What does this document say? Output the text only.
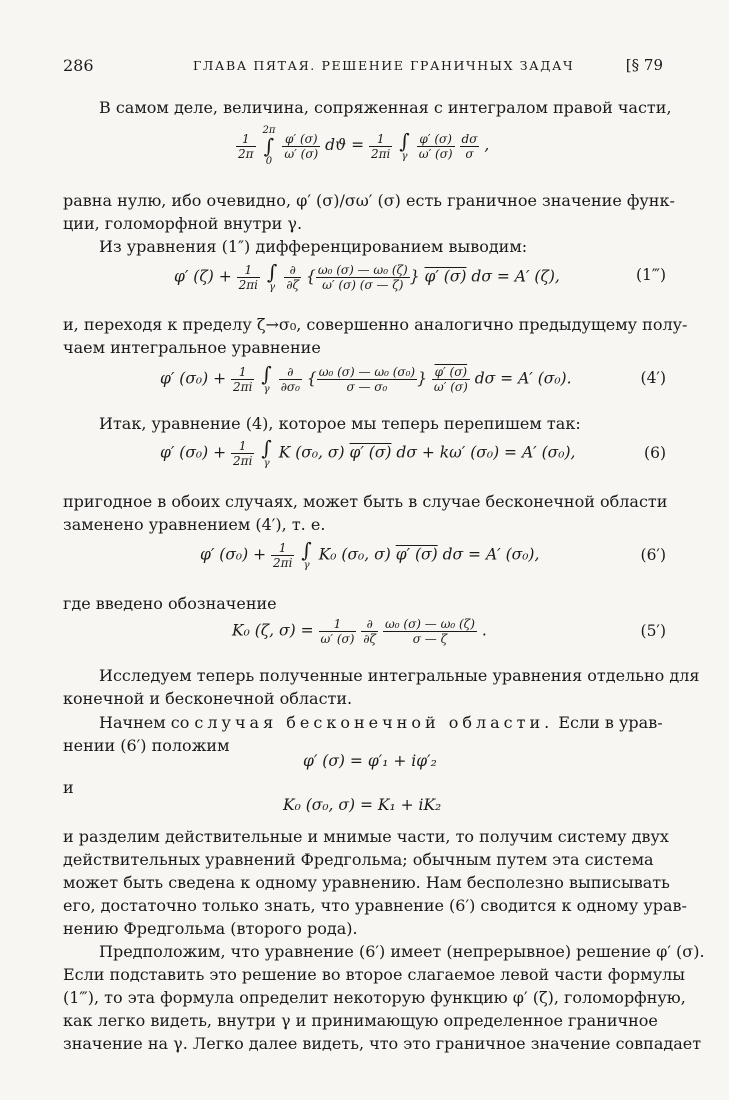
286	ГЛАВА ПЯТАЯ. РЕШЕНИЕ ГРАНИЧНЫХ ЗАДАЧ	[§ 79
В самом деле, величина, сопряженная с интегралом правой части,
$\frac{1}{2\pi}$

2π
∫
0

$\frac{\varphi' (\sigma)}{\omega' (\sigma)}$ $dϑ = \frac{1}{2\pi i}$
∫
γ
$\frac{\varphi' (\sigma)}{\omega' (\sigma)}$
$\frac{d\sigma}{\sigma}$ ,
равна нулю, ибо очевидно, φ′ (σ)/σω′ (σ) есть граничное значение функ-
ции, голоморфной внутри γ.
Из уравнения (1″) дифференцированием выводим:
φ′ $(\zeta) + \frac{1}{2\pi i}$
∫
γ
$\frac{\partial}{\partial\zeta}$ { $\frac{\text{ω₀ (σ) — ω₀ (ζ)}}{\omega' (\sigma) (\sigma — \zeta)}$ } φ′ (σ) dσ = A′ (ζ),	(1‴)
и, переходя к пределу ζ→σ₀, совершенно аналогично предыдущему полу-
чаем интегральное уравнение
φ′ $(\sigma_0) + \frac{1}{2\pi i}$
∫
γ
$\frac{\partial}{\text{∂σ₀}}$ { $\frac{\text{ω₀ (σ) — ω₀ (σ₀)}}{\text{σ — σ₀}}$ } $\frac{\varphi' (\sigma)}{\omega' (\sigma)}$ dσ = A′ (σ₀).	(4′)
Итак, уравнение (4), которое мы теперь перепишем так:
φ′ $(\sigma_0) + \frac{1}{2\pi i}$
∫
γ
K (σ₀, σ) φ′ (σ) dσ + kω′ (σ₀) = A′ (σ₀),	(6)
пригодное в обоих случаях, может быть в случае бесконечной области
заменено уравнением (4′), т. е.
φ′ $(\sigma_0) + \frac{1}{2\pi i}$
∫
γ
K₀ (σ₀, σ) φ′ (σ) dσ = A′ (σ₀),	(6′)
где введено обозначение
K₀ (ζ, $\sigma) = \frac{1}{\omega' (\sigma)}$
$\frac{\partial}{\partial\zeta}$
$\frac{\text{ω₀ (σ) — ω₀ (ζ)}}{\sigma — \zeta}$ .	(5′)
Исследуем теперь полученные интегральные уравнения отдельно для
конечной и бесконечной области.
Начнем со случая бесконечной области. Если в урав-
нении (6′) положим
φ′ (σ) = φ′₁ + iφ′₂
и
K₀ (σ₀, σ) = K₁ + iK₂
и разделим действительные и мнимые части, то получим систему двух
действительных уравнений Фредгольма; обычным путем эта система
может быть сведена к одному уравнению. Нам бесполезно выписывать
его, достаточно только знать, что уравнение (6′) сводится к одному урав-
нению Фредгольма (второго рода).
Предположим, что уравнение (6′) имеет (непрерывное) решение φ′ (σ).
Если подставить это решение во второе слагаемое левой части формулы
(1‴), то эта формула определит некоторую функцию φ′ (ζ), голоморфную,
как легко видеть, внутри γ и принимающую определенное граничное
значение на γ. Легко далее видеть, что это граничное значение совпадает
